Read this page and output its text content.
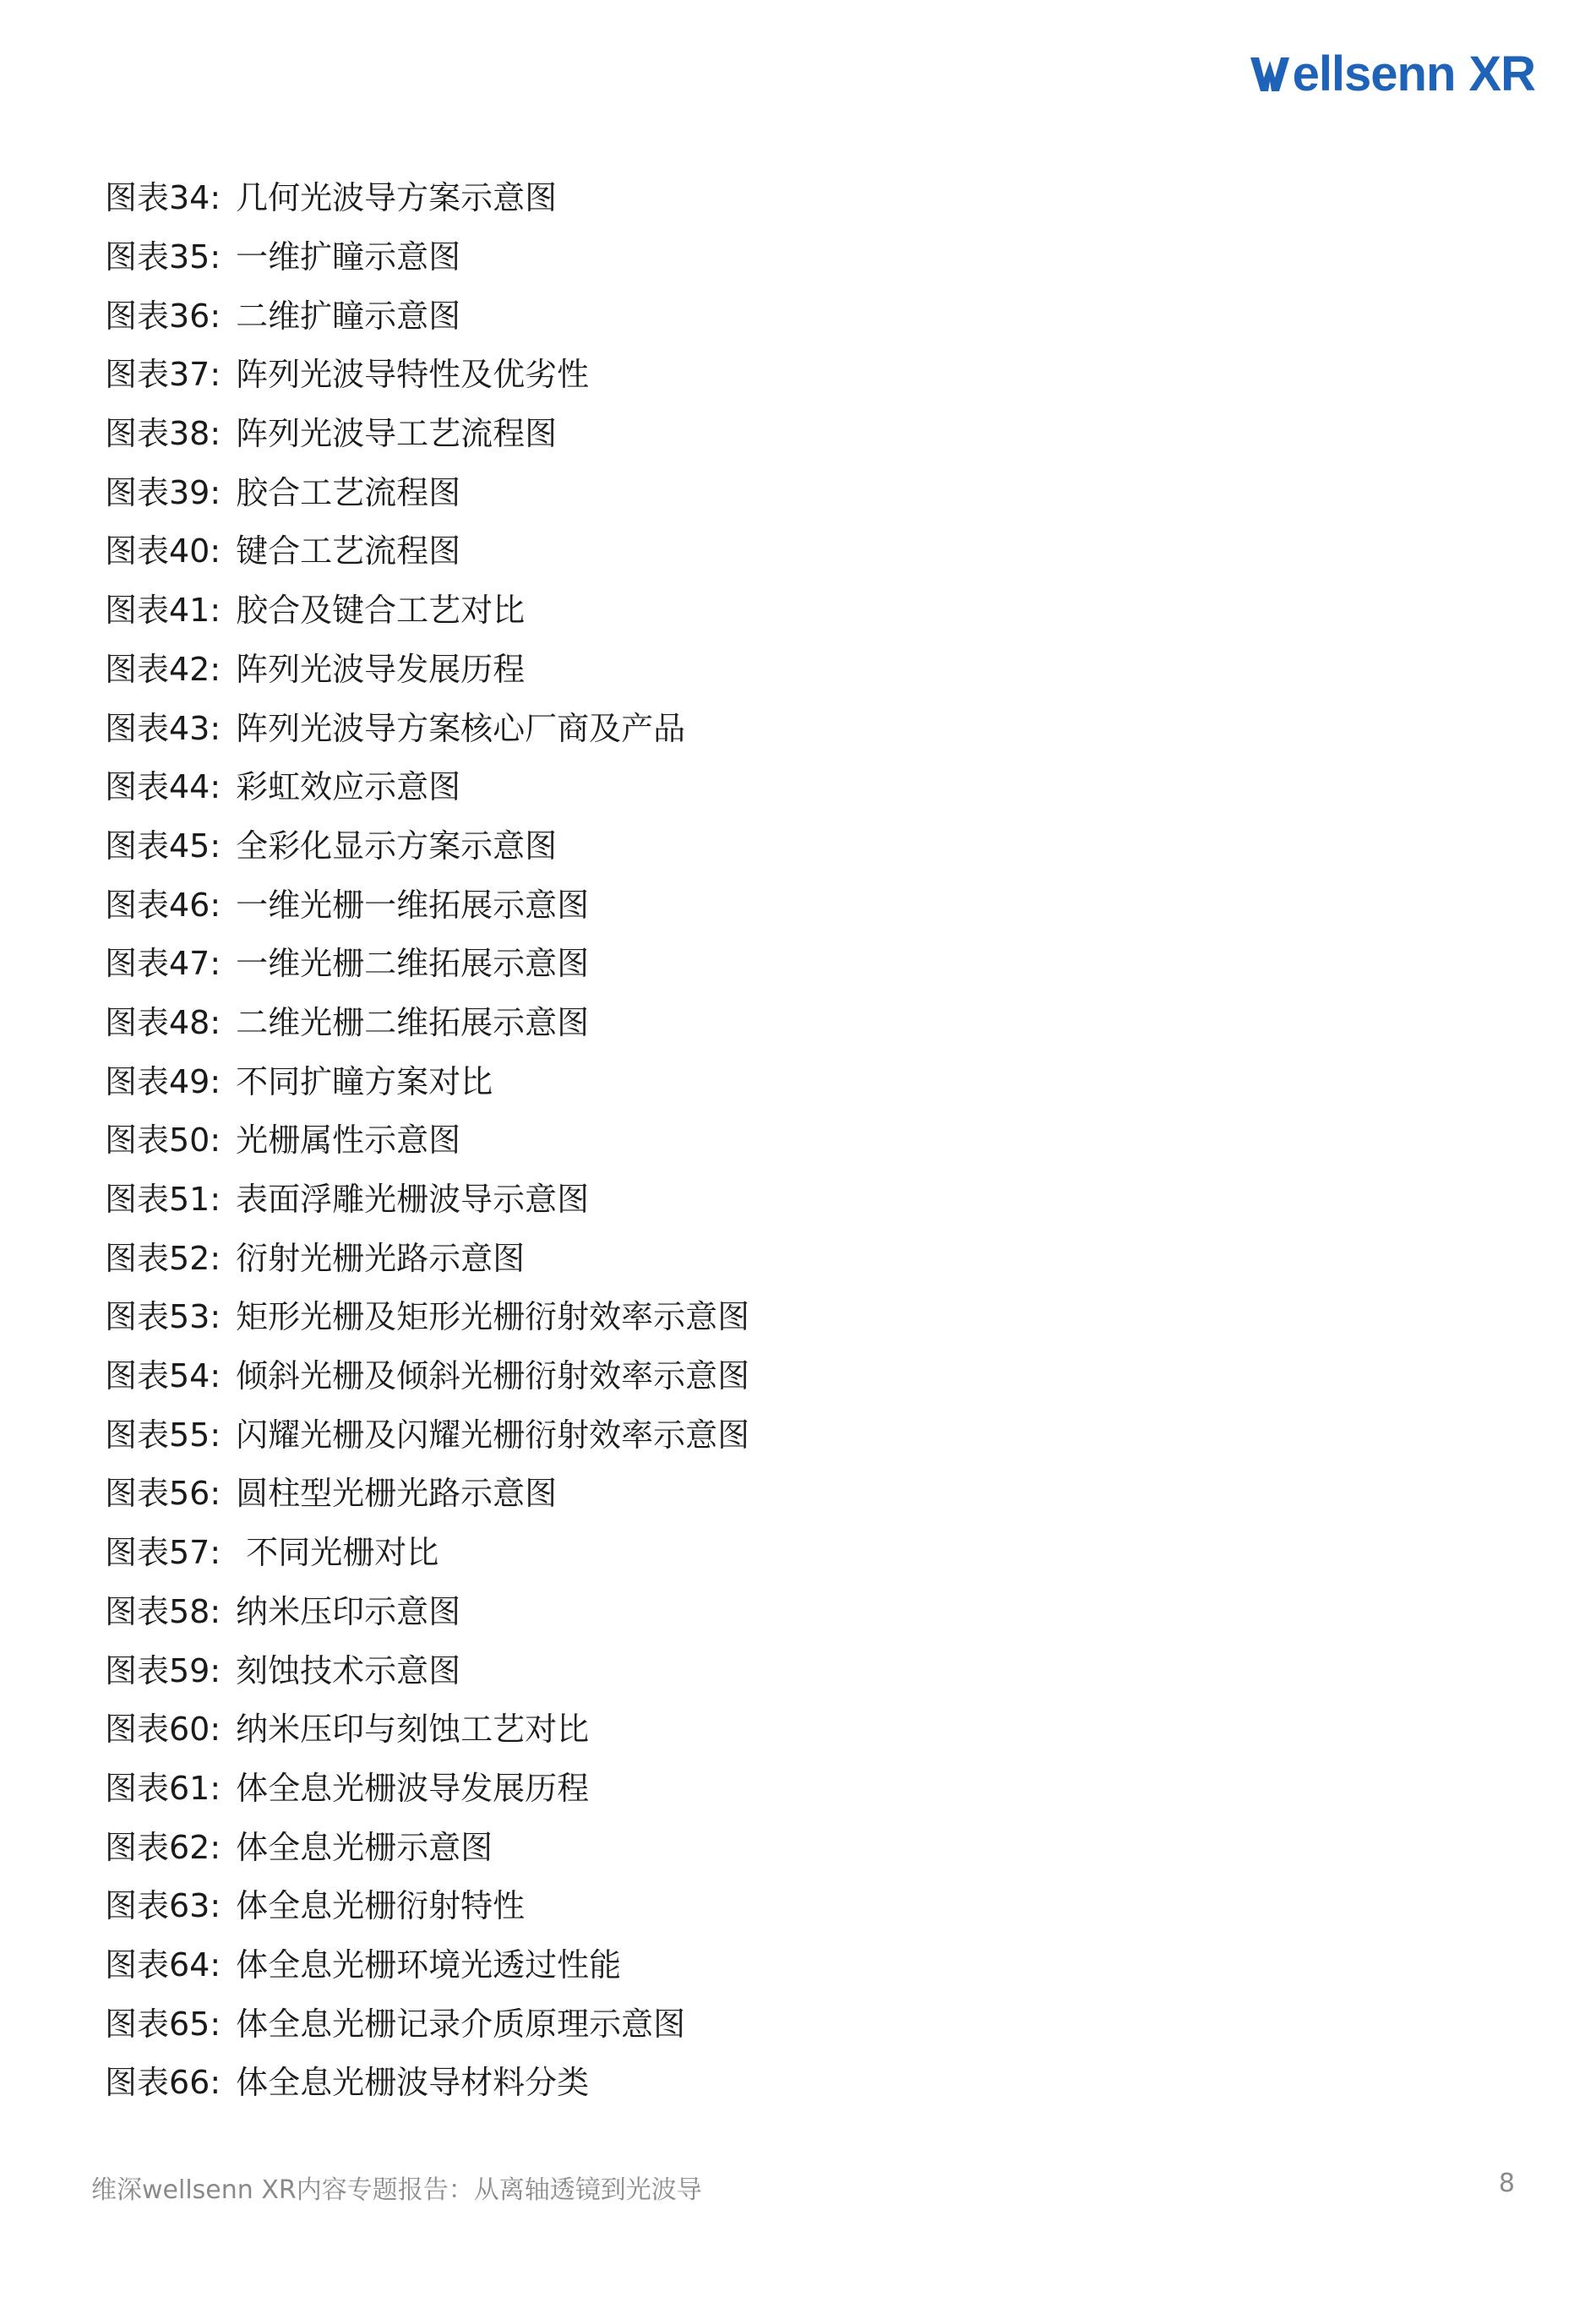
ellsenn XR
图表34: 几何光波导方案示意图
图表35: 一维扩瞳示意图
图表36: 二维扩瞳示意图
图表37: 阵列光波导特性及优劣性
图表38: 阵列光波导工艺流程图
图表39: 胶合工艺流程图
图表40: 键合工艺流程图
图表41: 胶合及键合工艺对比
图表42: 阵列光波导发展历程
图表43: 阵列光波导方案核心厂商及产品
图表44: 彩虹效应示意图
图表45: 全彩化显示方案示意图
图表46: 一维光栅一维拓展示意图
图表47: 一维光栅二维拓展示意图
图表48: 二维光栅二维拓展示意图
图表49: 不同扩瞳方案对比
图表50: 光栅属性示意图
图表51: 表面浮雕光栅波导示意图
图表52: 衍射光栅光路示意图
图表53: 矩形光栅及矩形光栅衍射效率示意图
图表54: 倾斜光栅及倾斜光栅衍射效率示意图
图表55: 闪耀光栅及闪耀光栅衍射效率示意图
图表56: 圆柱型光栅光路示意图
图表57: 不同光栅对比
图表58: 纳米压印示意图
图表59: 刻蚀技术示意图
图表60: 纳米压印与刻蚀工艺对比
图表61: 体全息光栅波导发展历程
图表62: 体全息光栅示意图
图表63: 体全息光栅衍射特性
图表64: 体全息光栅环境光透过性能
图表65: 体全息光栅记录介质原理示意图
图表66: 体全息光栅波导材料分类
维深wellsenn XR内容专题报告：从离轴透镜到光波导	8
